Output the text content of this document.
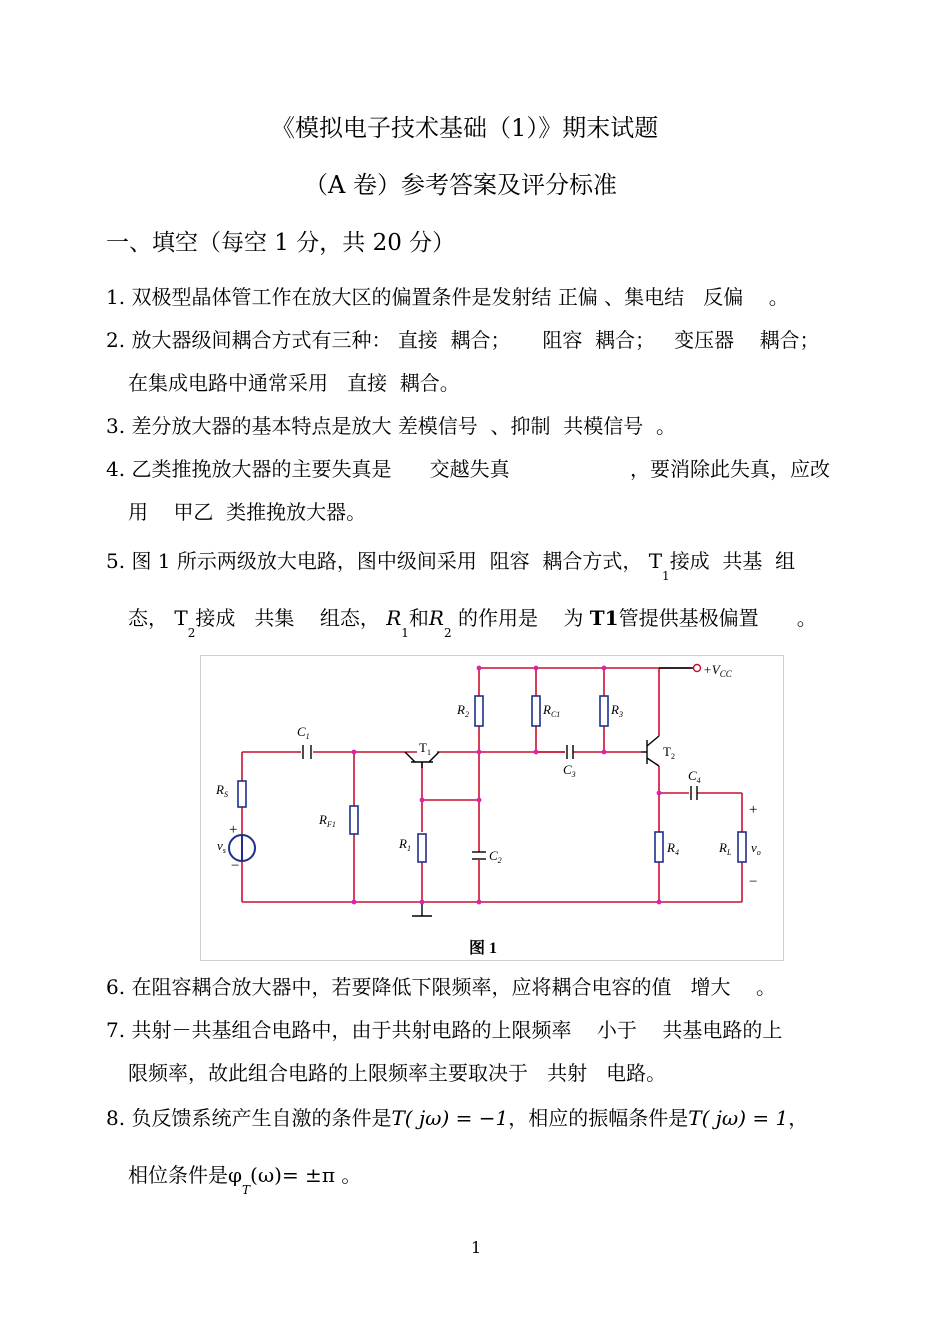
《模拟电子技术基础（1）》期末试题
（A 卷）参考答案及评分标准
一、填空（每空 1 分，共 20 分）
1. 双极型晶体管工作在放大区的偏置条件是发射结 正偏 、集电结 反偏 。
2. 放大器级间耦合方式有三种： 直接 耦合； 阻容 耦合； 变压器 耦合；
在集成电路中通常采用 直接 耦合。
3. 差分放大器的基本特点是放大 差模信号 、抑制 共模信号 。
4. 乙类推挽放大器的主要失真是 交越失真	，要消除此失真，应改
用 甲乙 类推挽放大器。
5. 图 1 所示两级放大电路，图中级间采用 阻容 耦合方式， $T_1$接成 共基 组
态， $T_2$接成 共集 组态， $R_1$和$R_2$ 的作用是 为 T1管提供基极偏置 。
$+V_{CC}$
$R_2$	$R_{C1}$	$R_3$
$C_1$
$C_3$	$C_4$
$C_2$
$R_S$
$R_{F1}$
$R_1$	$R_4$	$R_L$
$v_s$	$v_o$
$T_1$	$T_2$
+
−
+
−
图 1
6. 在阻容耦合放大器中，若要降低下限频率，应将耦合电容的值 增大 。
7. 共射－共基组合电路中，由于共射电路的上限频率 小于 共基电路的上
限频率，故此组合电路的上限频率主要取决于 共射 电路。
8. 负反馈系统产生自激的条件是T( jω) = −1，相应的振幅条件是T( jω) = 1，
相位条件是$\varphi_T(\omega)= \pm\pi$ 。
1
